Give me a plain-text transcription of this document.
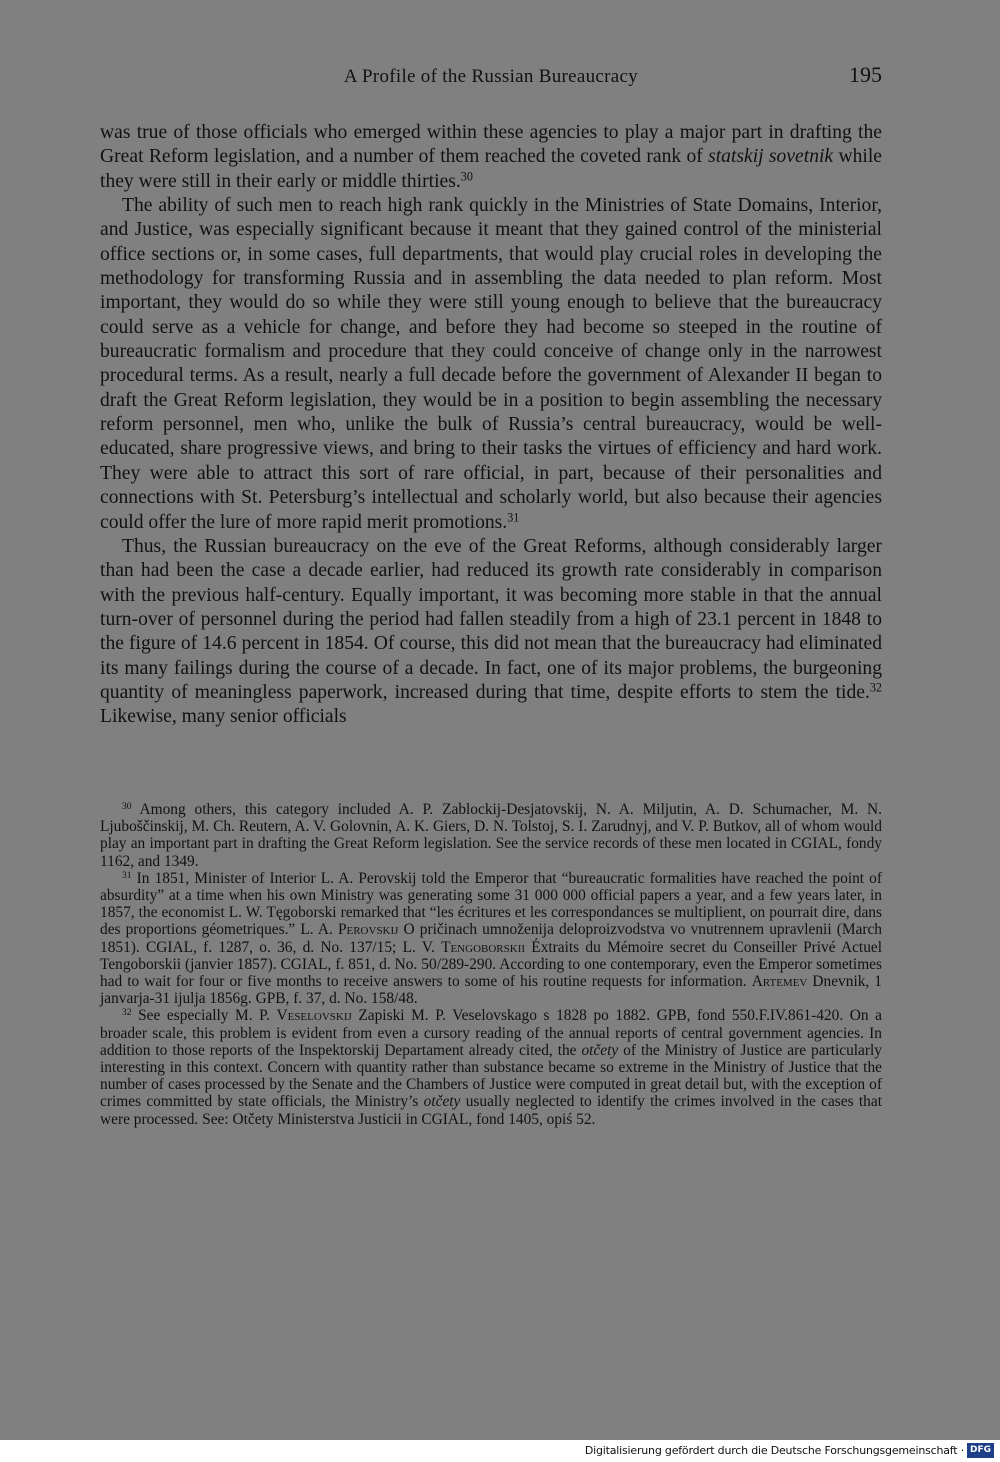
A Profile of the Russian Bureaucracy	195

was true of those officials who emerged within these agencies to play a major part in drafting the Great Reform legislation, and a number of them reached the coveted rank of statskij sovetnik while they were still in their early or middle thirties.$^{30}$

The ability of such men to reach high rank quickly in the Ministries of State Domains, Interior, and Justice, was especially significant because it meant that they gained control of the ministerial office sections or, in some cases, full departments, that would play crucial roles in developing the methodology for transforming Russia and in assembling the data needed to plan reform. Most important, they would do so while they were still young enough to believe that the bureaucracy could serve as a vehicle for change, and before they had become so steeped in the routine of bureaucratic formalism and procedure that they could conceive of change only in the narrowest procedural terms. As a result, nearly a full decade before the government of Alexander II began to draft the Great Reform legislation, they would be in a position to begin assembling the necessary reform personnel, men who, unlike the bulk of Russia’s central bureaucracy, would be well-educated, share progressive views, and bring to their tasks the virtues of efficiency and hard work. They were able to attract this sort of rare official, in part, because of their personalities and connections with St. Petersburg’s intellectual and scholarly world, but also because their agencies could offer the lure of more rapid merit promotions.$^{31}$

Thus, the Russian bureaucracy on the eve of the Great Reforms, although considerably larger than had been the case a decade earlier, had reduced its growth rate considerably in comparison with the previous half-century. Equally important, it was becoming more stable in that the annual turn-over of personnel during the period had fallen steadily from a high of 23.1 percent in 1848 to the figure of 14.6 percent in 1854. Of course, this did not mean that the bureaucracy had eliminated its many failings during the course of a decade. In fact, one of its major problems, the burgeoning quantity of meaningless paperwork, increased during that time, despite efforts to stem the tide.$^{32}$ Likewise, many senior officials

$^{30}$ Among others, this category included A. P. Zablockij-Desjatovskij, N. A. Miljutin, A. D. Schumacher, M. N. Ljuboščinskij, M. Ch. Reutern, A. V. Golovnin, A. K. Giers, D. N. Tolstoj, S. I. Zarudnyj, and V. P. Butkov, all of whom would play an important part in drafting the Great Reform legislation. See the service records of these men located in CGIAL, fondy 1162, and 1349.

$^{31}$ In 1851, Minister of Interior L. A. Perovskij told the Emperor that “bureaucratic formalities have reached the point of absurdity” at a time when his own Ministry was generating some 31 000 000 official papers a year, and a few years later, in 1857, the economist L. W. Tęgoborski remarked that “les écritures et les correspondances se multiplient, on pourrait dire, dans des proportions géometriques.” L. A. Perovskij O pričinach umnoženija deloproizvodstva vo vnutrennem upravlenii (March 1851). CGIAL, f. 1287, o. 36, d. No. 137/15; L. V. Tengoborskii Éxtraits du Mémoire secret du Conseiller Privé Actuel Tengoborskii (janvier 1857). CGIAL, f. 851, d. No. 50/289-290. According to one contemporary, even the Emperor sometimes had to wait for four or five months to receive answers to some of his routine requests for information. Artemev Dnevnik, 1 janvarja-31 ijulja 1856g. GPB, f. 37, d. No. 158/48.

$^{32}$ See especially M. P. Veselovskij Zapiski M. P. Veselovskago s 1828 po 1882. GPB, fond 550.F.IV.861-420. On a broader scale, this problem is evident from even a cursory reading of the annual reports of central government agencies. In addition to those reports of the Inspektorskij Departament already cited, the otčety of the Ministry of Justice are particularly interesting in this context. Concern with quantity rather than substance became so extreme in the Ministry of Justice that the number of cases processed by the Senate and the Chambers of Justice were computed in great detail but, with the exception of crimes committed by state officials, the Ministry’s otčety usually neglected to identify the crimes involved in the cases that were processed. See: Otčety Ministerstva Justicii in CGIAL, fond 1405, opiś 52.

Digitalisierung gefördert durch die Deutsche Forschungsgemeinschaft · DFG
